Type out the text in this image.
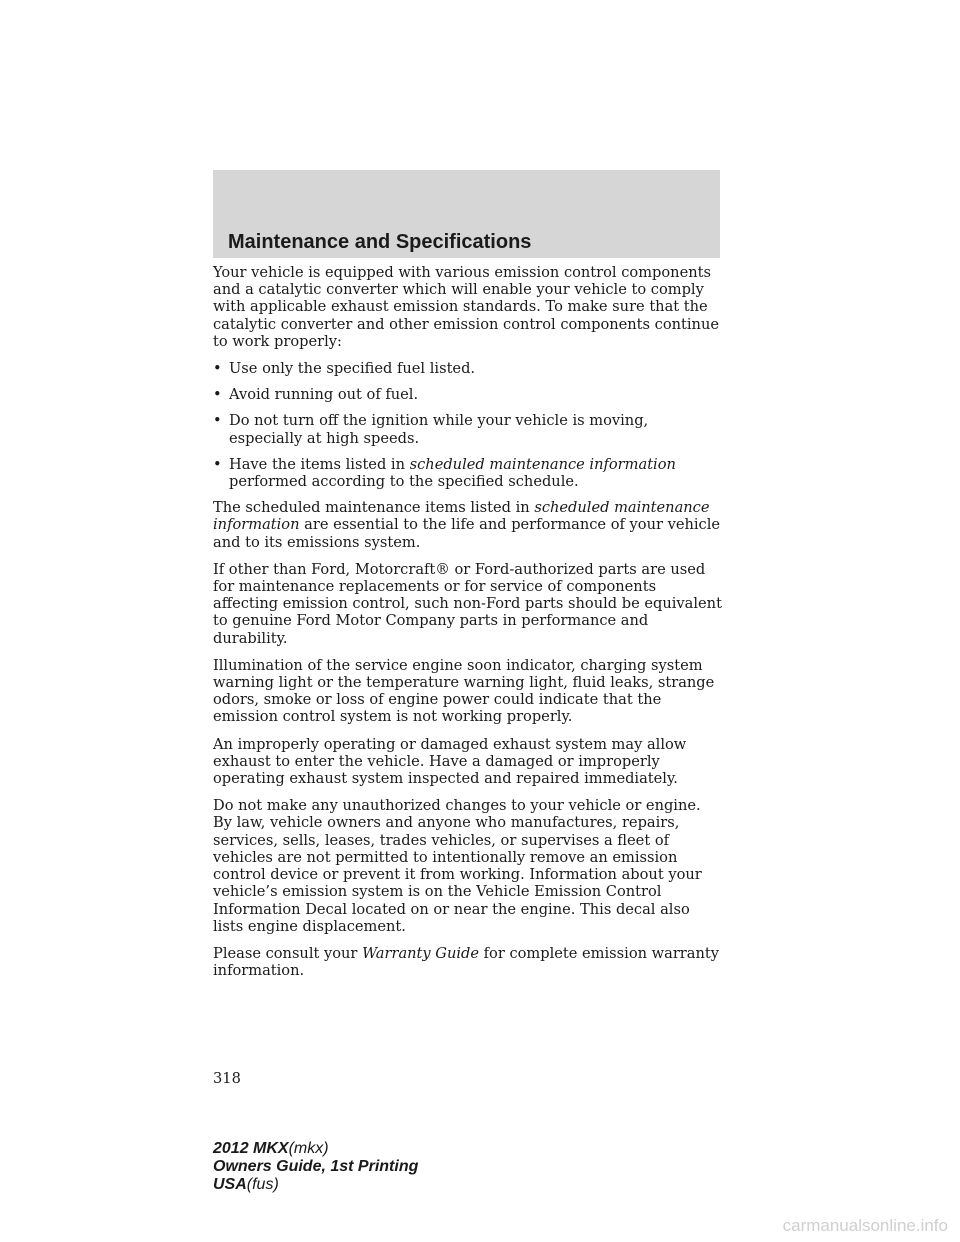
Maintenance and Specifications

Your vehicle is equipped with various emission control components and a catalytic converter which will enable your vehicle to comply with applicable exhaust emission standards. To make sure that the catalytic converter and other emission control components continue to work properly:

• Use only the specified fuel listed.
• Avoid running out of fuel.
• Do not turn off the ignition while your vehicle is moving, especially at high speeds.
• Have the items listed in scheduled maintenance information performed according to the specified schedule.

The scheduled maintenance items listed in scheduled maintenance information are essential to the life and performance of your vehicle and to its emissions system.

If other than Ford, Motorcraft® or Ford-authorized parts are used for maintenance replacements or for service of components affecting emission control, such non-Ford parts should be equivalent to genuine Ford Motor Company parts in performance and durability.

Illumination of the service engine soon indicator, charging system warning light or the temperature warning light, fluid leaks, strange odors, smoke or loss of engine power could indicate that the emission control system is not working properly.

An improperly operating or damaged exhaust system may allow exhaust to enter the vehicle. Have a damaged or improperly operating exhaust system inspected and repaired immediately.

Do not make any unauthorized changes to your vehicle or engine. By law, vehicle owners and anyone who manufactures, repairs, services, sells, leases, trades vehicles, or supervises a fleet of vehicles are not permitted to intentionally remove an emission control device or prevent it from working. Information about your vehicle’s emission system is on the Vehicle Emission Control Information Decal located on or near the engine. This decal also lists engine displacement.

Please consult your Warranty Guide for complete emission warranty information.

318
2012 MKX(mkx)
Owners Guide, 1st Printing
USA(fus)
carmanualsonline.info
